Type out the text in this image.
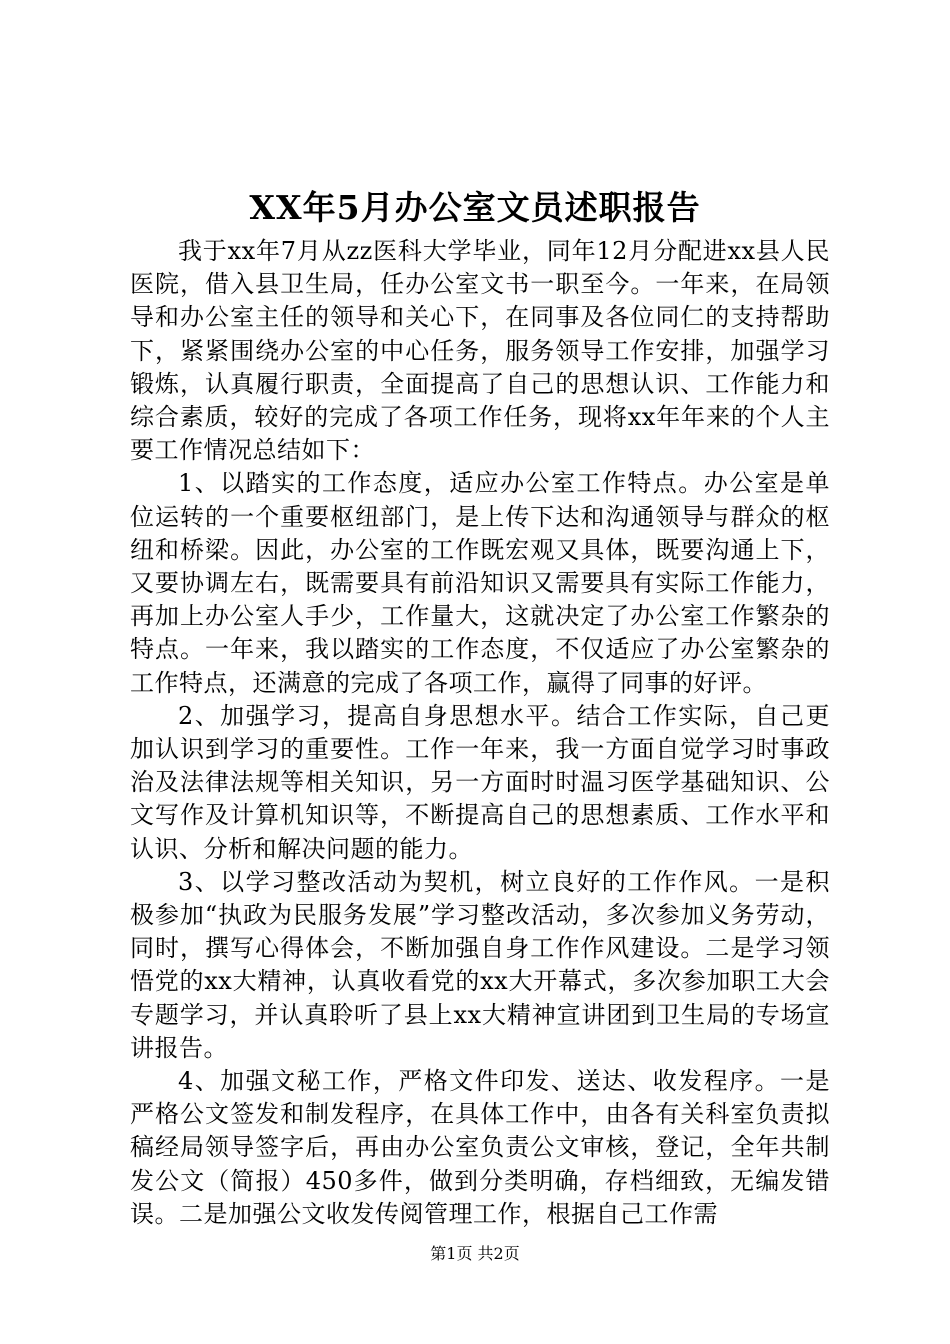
XX年5月办公室文员述职报告

我于xx年7月从zz医科大学毕业，同年12月分配进xx县人民医院，借入县卫生局，任办公室文书一职至今。一年来，在局领导和办公室主任的领导和关心下，在同事及各位同仁的支持帮助下，紧紧围绕办公室的中心任务，服务领导工作安排，加强学习锻炼，认真履行职责，全面提高了自己的思想认识、工作能力和综合素质，较好的完成了各项工作任务，现将xx年年来的个人主要工作情况总结如下：

1、以踏实的工作态度，适应办公室工作特点。办公室是单位运转的一个重要枢纽部门，是上传下达和沟通领导与群众的枢纽和桥梁。因此，办公室的工作既宏观又具体，既要沟通上下，又要协调左右，既需要具有前沿知识又需要具有实际工作能力，再加上办公室人手少，工作量大，这就决定了办公室工作繁杂的特点。一年来，我以踏实的工作态度，不仅适应了办公室繁杂的工作特点，还满意的完成了各项工作，赢得了同事的好评。

2、加强学习，提高自身思想水平。结合工作实际，自己更加认识到学习的重要性。工作一年来，我一方面自觉学习时事政治及法律法规等相关知识，另一方面时时温习医学基础知识、公文写作及计算机知识等，不断提高自己的思想素质、工作水平和认识、分析和解决问题的能力。

3、以学习整改活动为契机，树立良好的工作作风。一是积极参加“执政为民服务发展”学习整改活动，多次参加义务劳动，同时，撰写心得体会，不断加强自身工作作风建设。二是学习领悟党的xx大精神，认真收看党的xx大开幕式，多次参加职工大会专题学习，并认真聆听了县上xx大精神宣讲团到卫生局的专场宣讲报告。

4、加强文秘工作，严格文件印发、送达、收发程序。一是严格公文签发和制发程序，在具体工作中，由各有关科室负责拟稿经局领导签字后，再由办公室负责公文审核，登记，全年共制发公文（简报）450多件，做到分类明确，存档细致，无编发错误。二是加强公文收发传阅管理工作，根据自己工作需

第1页 共2页
